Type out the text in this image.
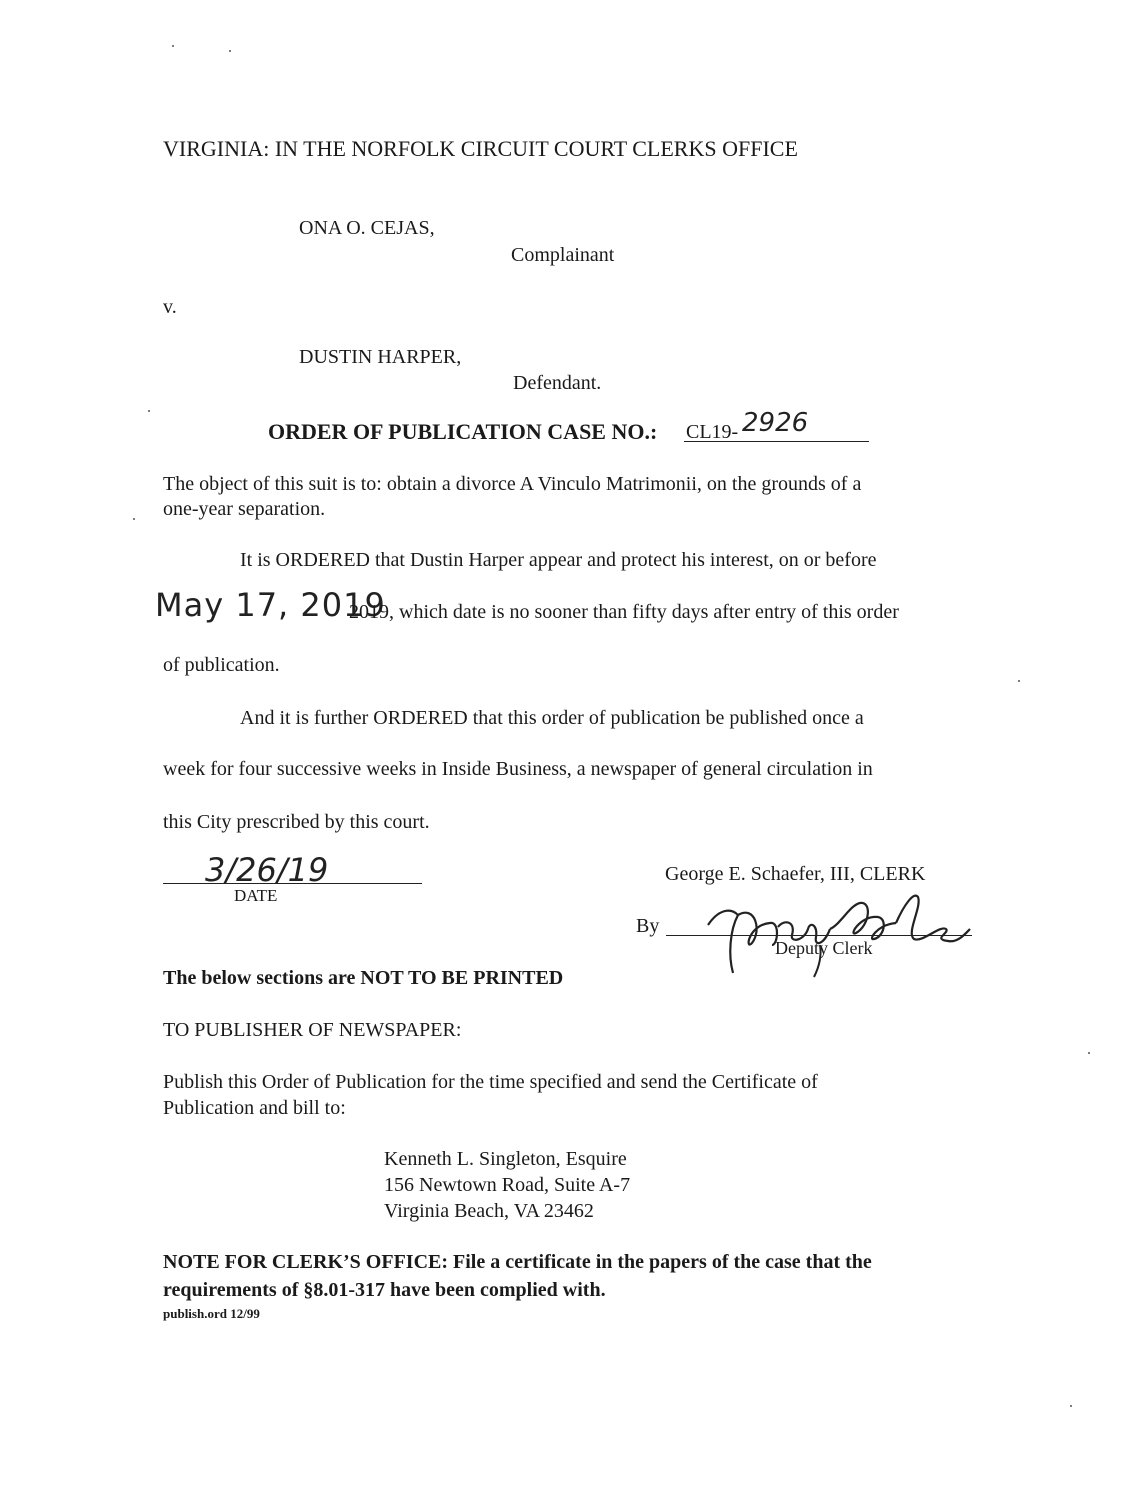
VIRGINIA: IN THE NORFOLK CIRCUIT COURT CLERKS OFFICE
ONA O. CEJAS,
Complainant
v.
DUSTIN HARPER,
Defendant.
ORDER OF PUBLICATION CASE NO.: CL19- 2926
The object of this suit is to: obtain a divorce A Vinculo Matrimonii, on the grounds of a
one-year separation.
It is ORDERED that Dustin Harper appear and protect his interest, on or before
May 17, 2019
2019, which date is no sooner than fifty days after entry of this order
of publication.
And it is further ORDERED that this order of publication be published once a
week for four successive weeks in Inside Business, a newspaper of general circulation in
this City prescribed by this court.
3/26/19
DATE
George E. Schaefer, III, CLERK
By
Deputy Clerk
The below sections are NOT TO BE PRINTED
TO PUBLISHER OF NEWSPAPER:
Publish this Order of Publication for the time specified and send the Certificate of
Publication and bill to:
Kenneth L. Singleton, Esquire
156 Newtown Road, Suite A-7
Virginia Beach, VA 23462
NOTE FOR CLERK’S OFFICE: File a certificate in the papers of the case that the
requirements of §8.01-317 have been complied with.
publish.ord 12/99
